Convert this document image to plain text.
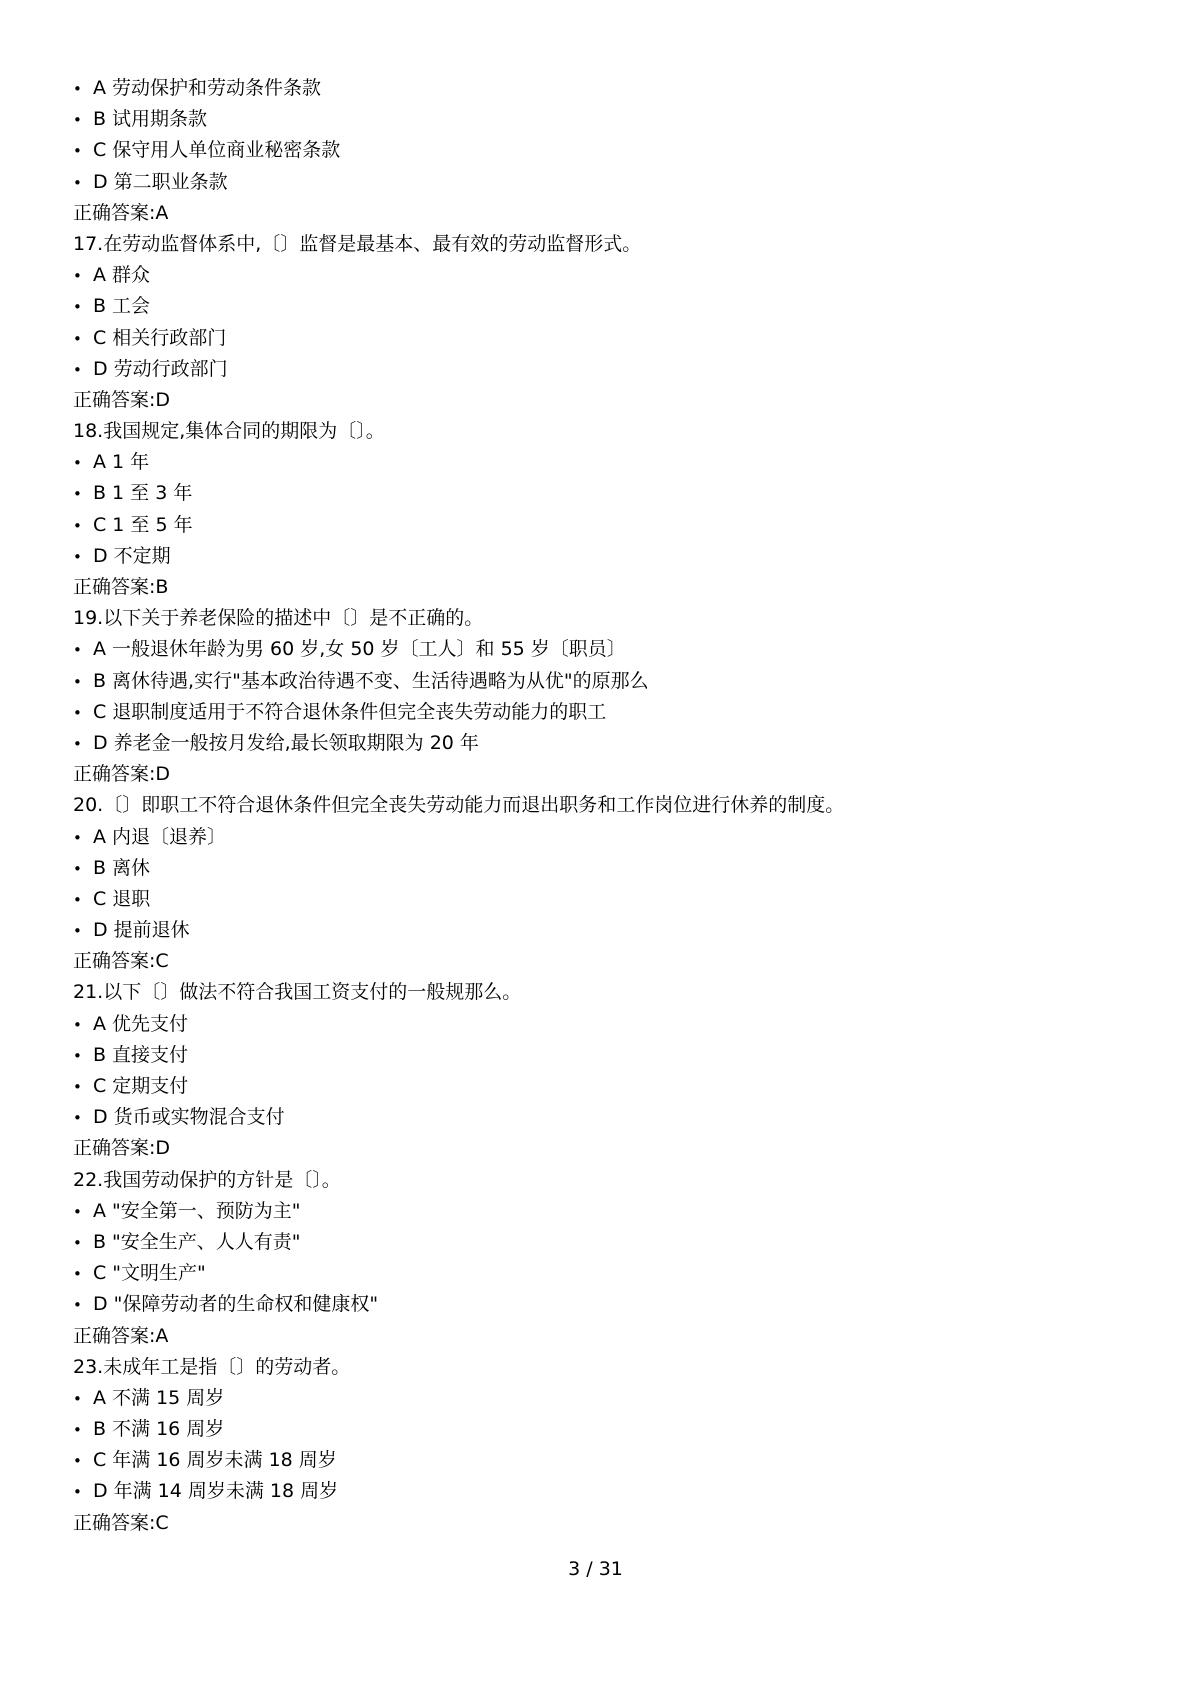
• A 劳动保护和劳动条件条款
• B 试用期条款
• C 保守用人单位商业秘密条款
• D 第二职业条款
正确答案:A
17.在劳动监督体系中,〔〕监督是最基本、最有效的劳动监督形式。
• A 群众
• B 工会
• C 相关行政部门
• D 劳动行政部门
正确答案:D
18.我国规定,集体合同的期限为〔〕。
• A 1 年
• B 1 至 3 年
• C 1 至 5 年
• D 不定期
正确答案:B
19.以下关于养老保险的描述中〔〕是不正确的。
• A 一般退休年龄为男 60 岁,女 50 岁〔工人〕和 55 岁〔职员〕
• B 离休待遇,实行"基本政治待遇不变、生活待遇略为从优"的原那么
• C 退职制度适用于不符合退休条件但完全丧失劳动能力的职工
• D 养老金一般按月发给,最长领取期限为 20 年
正确答案:D
20.〔〕即职工不符合退休条件但完全丧失劳动能力而退出职务和工作岗位进行休养的制度。
• A 内退〔退养〕
• B 离休
• C 退职
• D 提前退休
正确答案:C
21.以下〔〕做法不符合我国工资支付的一般规那么。
• A 优先支付
• B 直接支付
• C 定期支付
• D 货币或实物混合支付
正确答案:D
22.我国劳动保护的方针是〔〕。
• A "安全第一、预防为主"
• B "安全生产、人人有责"
• C "文明生产"
• D "保障劳动者的生命权和健康权"
正确答案:A
23.未成年工是指〔〕的劳动者。
• A 不满 15 周岁
• B 不满 16 周岁
• C 年满 16 周岁未满 18 周岁
• D 年满 14 周岁未满 18 周岁
正确答案:C
3 / 31
